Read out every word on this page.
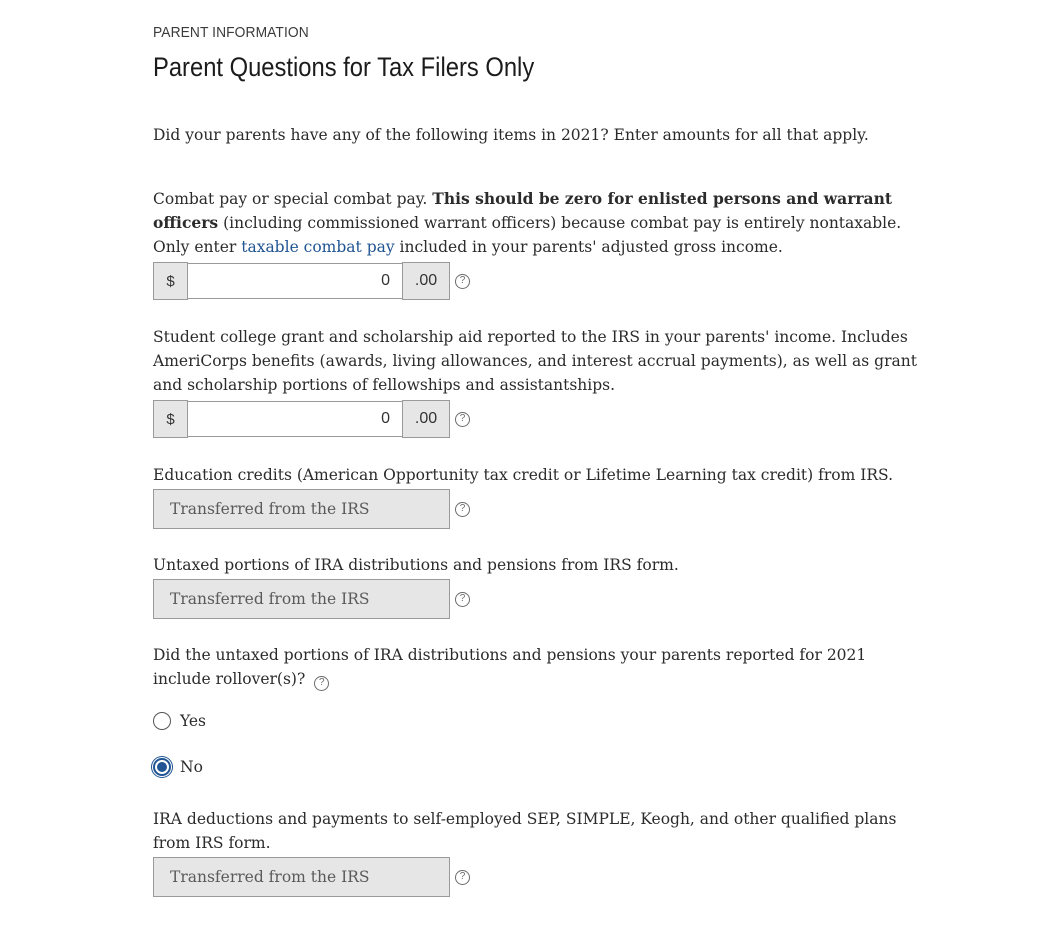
PARENT INFORMATION
Parent Questions for Tax Filers Only
Did your parents have any of the following items in 2021? Enter amounts for all that apply.
Combat pay or special combat pay. This should be zero for enlisted persons and warrant officers (including commissioned warrant officers) because combat pay is entirely nontaxable. Only enter taxable combat pay included in your parents' adjusted gross income.
$	0	.00	?
Student college grant and scholarship aid reported to the IRS in your parents' income. Includes AmeriCorps benefits (awards, living allowances, and interest accrual payments), as well as grant and scholarship portions of fellowships and assistantships.
$	0	.00	?
Education credits (American Opportunity tax credit or Lifetime Learning tax credit) from IRS.
Transferred from the IRS	?
Untaxed portions of IRA distributions and pensions from IRS form.
Transferred from the IRS	?
Did the untaxed portions of IRA distributions and pensions your parents reported for 2021 include rollover(s)? ?
Yes
No
IRA deductions and payments to self-employed SEP, SIMPLE, Keogh, and other qualified plans from IRS form.
Transferred from the IRS	?
